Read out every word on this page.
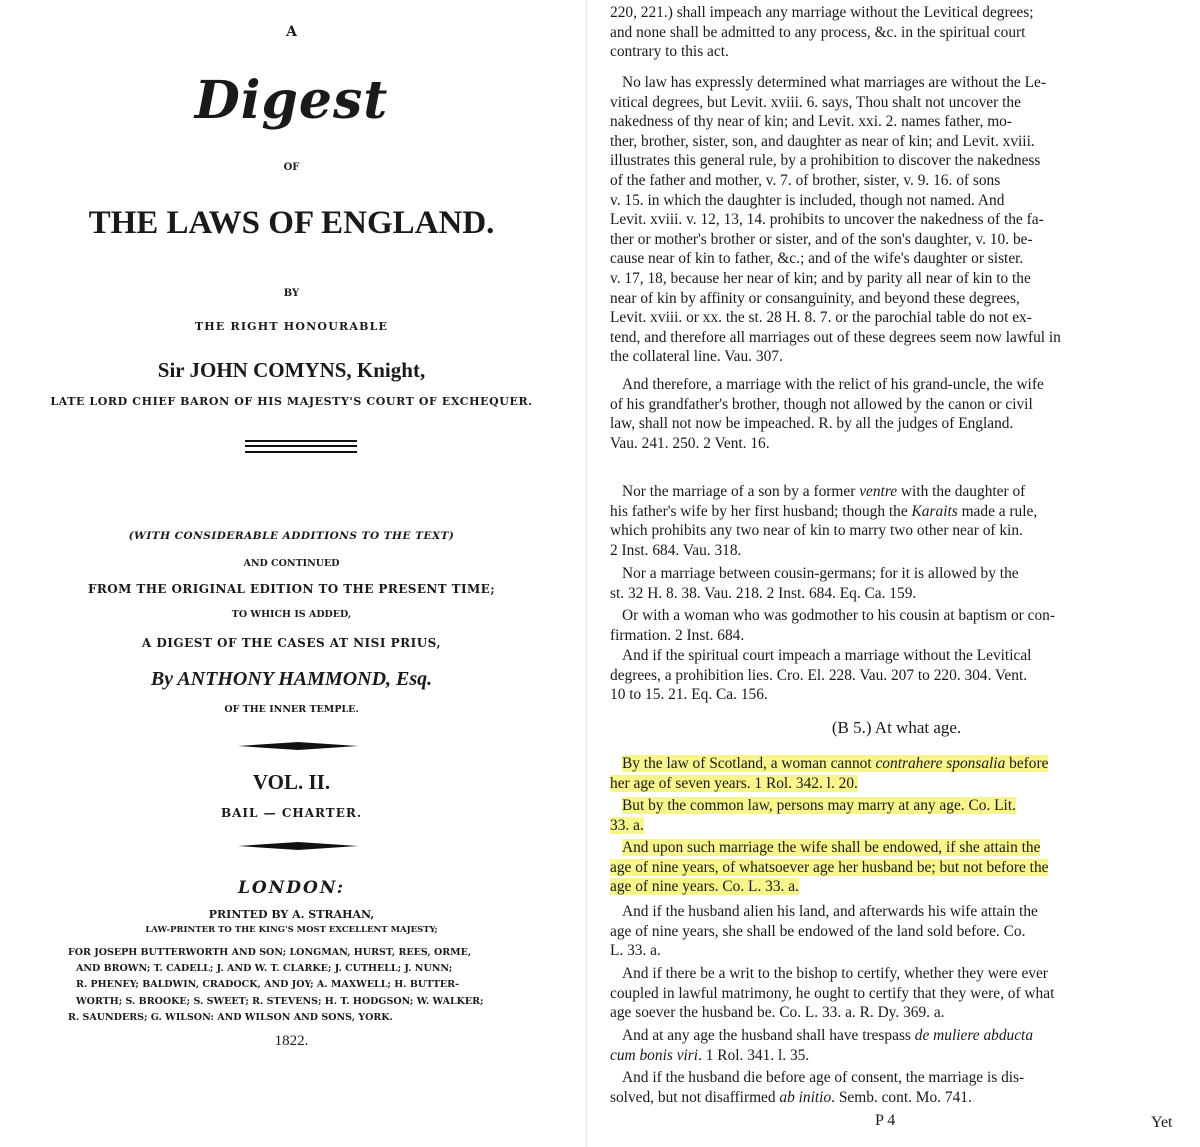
A
Digest
OF
THE LAWS OF ENGLAND.
BY
THE RIGHT HONOURABLE
Sir JOHN COMYNS, Knight,
LATE LORD CHIEF BARON OF HIS MAJESTY'S COURT OF EXCHEQUER.
(WITH CONSIDERABLE ADDITIONS TO THE TEXT)
AND CONTINUED
FROM THE ORIGINAL EDITION TO THE PRESENT TIME;
TO WHICH IS ADDED,
A DIGEST OF THE CASES AT NISI PRIUS,
By ANTHONY HAMMOND, Esq.
OF THE INNER TEMPLE.
VOL. II.
BAIL — CHARTER.
LONDON:
PRINTED BY A. STRAHAN,
LAW-PRINTER TO THE KING'S MOST EXCELLENT MAJESTY;
FOR JOSEPH BUTTERWORTH AND SON; LONGMAN, HURST, REES, ORME,
AND BROWN; T. CADELL; J. AND W. T. CLARKE; J. CUTHELL; J. NUNN;
R. PHENEY; BALDWIN, CRADOCK, AND JOY; A. MAXWELL; H. BUTTER-
WORTH; S. BROOKE; S. SWEET; R. STEVENS; H. T. HODGSON; W. WALKER;
R. SAUNDERS; G. WILSON: AND WILSON AND SONS, YORK.
1822.
220, 221.) shall impeach any marriage without the Levitical degrees;
and none shall be admitted to any process, &c. in the spiritual court
contrary to this act.
No law has expressly determined what marriages are without the Le-
vitical degrees, but Levit. xviii. 6. says, Thou shalt not uncover the
nakedness of thy near of kin; and Levit. xxi. 2. names father, mo-
ther, brother, sister, son, and daughter as near of kin; and Levit. xviii.
illustrates this general rule, by a prohibition to discover the nakedness
of the father and mother, v. 7. of brother, sister, v. 9. 16. of sons
v. 15. in which the daughter is included, though not named. And
Levit. xviii. v. 12, 13, 14. prohibits to uncover the nakedness of the fa-
ther or mother's brother or sister, and of the son's daughter, v. 10. be-
cause near of kin to father, &c.; and of the wife's daughter or sister.
v. 17, 18, because her near of kin; and by parity all near of kin to the
near of kin by affinity or consanguinity, and beyond these degrees,
Levit. xviii. or xx. the st. 28 H. 8. 7. or the parochial table do not ex-
tend, and therefore all marriages out of these degrees seem now lawful in
the collateral line. Vau. 307.
And therefore, a marriage with the relict of his grand-uncle, the wife
of his grandfather's brother, though not allowed by the canon or civil
law, shall not now be impeached. R. by all the judges of England.
Vau. 241. 250. 2 Vent. 16.
Nor the marriage of a son by a former ventre with the daughter of
his father's wife by her first husband; though the Karaits made a rule,
which prohibits any two near of kin to marry two other near of kin.
2 Inst. 684. Vau. 318.
Nor a marriage between cousin-germans; for it is allowed by the
st. 32 H. 8. 38. Vau. 218. 2 Inst. 684. Eq. Ca. 159.
Or with a woman who was godmother to his cousin at baptism or con-
firmation. 2 Inst. 684.
And if the spiritual court impeach a marriage without the Levitical
degrees, a prohibition lies. Cro. El. 228. Vau. 207 to 220. 304. Vent.
10 to 15. 21. Eq. Ca. 156.
(B 5.) At what age.
By the law of Scotland, a woman cannot contrahere sponsalia before
her age of seven years. 1 Rol. 342. l. 20.
But by the common law, persons may marry at any age. Co. Lit.
33. a.
And upon such marriage the wife shall be endowed, if she attain the
age of nine years, of whatsoever age her husband be; but not before the
age of nine years. Co. L. 33. a.
And if the husband alien his land, and afterwards his wife attain the
age of nine years, she shall be endowed of the land sold before. Co.
L. 33. a.
And if there be a writ to the bishop to certify, whether they were ever
coupled in lawful matrimony, he ought to certify that they were, of what
age soever the husband be. Co. L. 33. a. R. Dy. 369. a.
And at any age the husband shall have trespass de muliere abducta
cum bonis viri. 1 Rol. 341. l. 35.
And if the husband die before age of consent, the marriage is dis-
solved, but not disaffirmed ab initio. Semb. cont. Mo. 741.
P 4	Yet
